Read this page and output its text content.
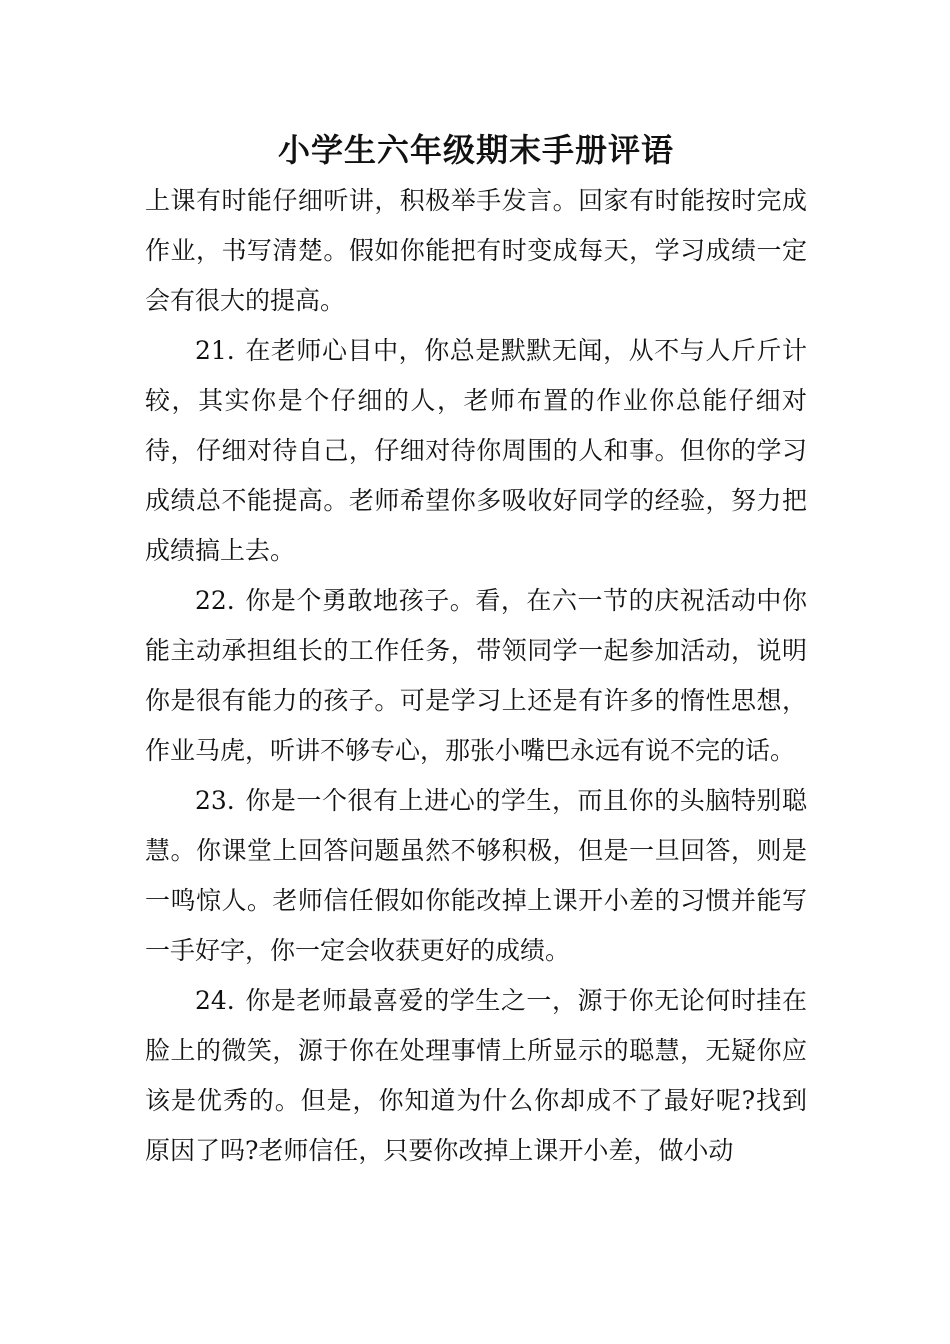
小学生六年级期末手册评语

上课有时能仔细听讲，积极举手发言。回家有时能按时完成作业，书写清楚。假如你能把有时变成每天，学习成绩一定会有很大的提高。

21. 在老师心目中，你总是默默无闻，从不与人斤斤计较，其实你是个仔细的人，老师布置的作业你总能仔细对待，仔细对待自己，仔细对待你周围的人和事。但你的学习成绩总不能提高。老师希望你多吸收好同学的经验，努力把成绩搞上去。

22. 你是个勇敢地孩子。看，在六一节的庆祝活动中你能主动承担组长的工作任务，带领同学一起参加活动，说明你是很有能力的孩子。可是学习上还是有许多的惰性思想，作业马虎，听讲不够专心，那张小嘴巴永远有说不完的话。

23. 你是一个很有上进心的学生，而且你的头脑特别聪慧。你课堂上回答问题虽然不够积极，但是一旦回答，则是一鸣惊人。老师信任假如你能改掉上课开小差的习惯并能写一手好字，你一定会收获更好的成绩。

24. 你是老师最喜爱的学生之一，源于你无论何时挂在脸上的微笑，源于你在处理事情上所显示的聪慧，无疑你应该是优秀的。但是，你知道为什么你却成不了最好呢?找到原因了吗?老师信任，只要你改掉上课开小差，做小动
